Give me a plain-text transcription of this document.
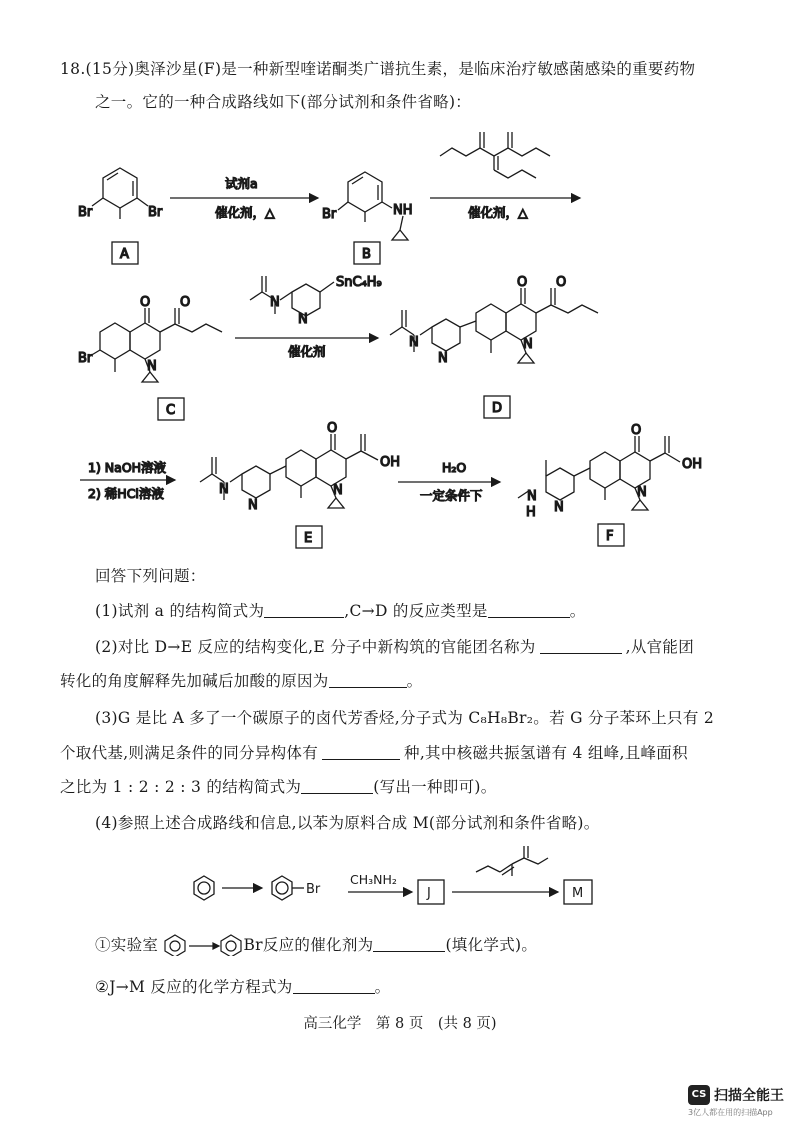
18.(15分)奥泽沙星(F)是一种新型喹诺酮类广谱抗生素，是临床治疗敏感菌感染的重要药物
之一。它的一种合成路线如下(部分试剂和条件省略)：
Br	Br
A
试剂a
催化剂，△	Br	NH
B
催化剂，△
O O
Br
N
C
N
N
SnC₄H₉
催化剂
N
N
O O
N
D
1) NaOH溶液
2) 稀HCl溶液	N
N
O
OH
N
E
H₂O
一定条件下	N
H N
O
OH
N
F
回答下列问题：
(1)试剂 a 的结构简式为	,C→D 的反应类型是	。
(2)对比 D→E 反应的结构变化,E 分子中新构筑的官能团名称为	,从官能团
转化的角度解释先加碱后加酸的原因为	。
(3)G 是比 A 多了一个碳原子的卤代芳香烃,分子式为 C₈H₈Br₂。若 G 分子苯环上只有 2
个取代基,则满足条件的同分异构体有	种,其中核磁共振氢谱有 4 组峰,且峰面积
之比为 1 : 2 : 2 : 3 的结构简式为	(写出一种即可)。
(4)参照上述合成路线和信息,以苯为原料合成 M(部分试剂和条件省略)。
Br
CH₃NH₂
J	M
①实验室	Br反应的催化剂为	(填化学式)。
②J→M 反应的化学方程式为	。
高三化学　第 8 页　(共 8 页)
CS 扫描全能王
3亿人都在用的扫描App
